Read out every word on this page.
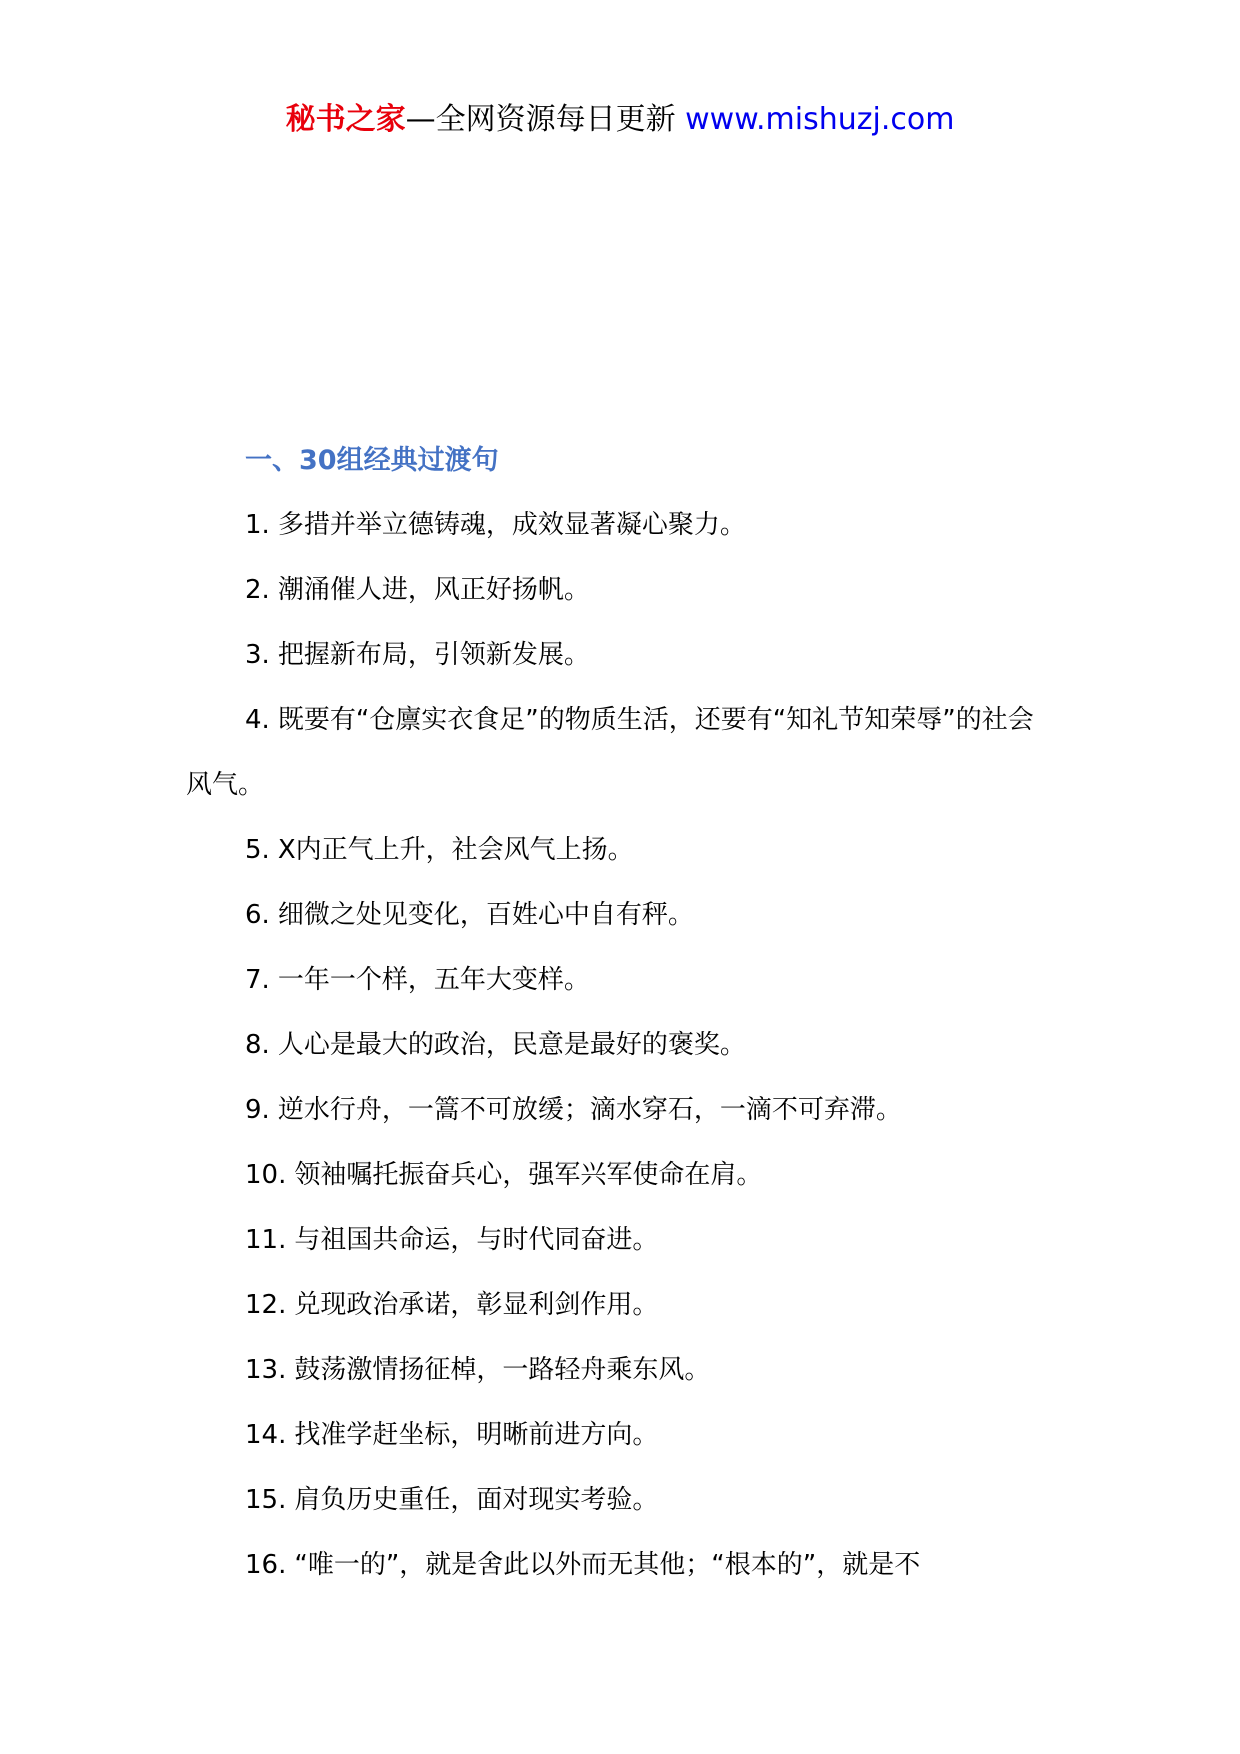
秘书之家—全网资源每日更新 www.mishuzj.com

一、30组经典过渡句

1. 多措并举立德铸魂，成效显著凝心聚力。

2. 潮涌催人进，风正好扬帆。

3. 把握新布局，引领新发展。

4. 既要有“仓廪实衣食足”的物质生活，还要有“知礼节知荣辱”的社会风气。

5. X内正气上升，社会风气上扬。

6. 细微之处见变化，百姓心中自有秤。

7. 一年一个样，五年大变样。

8. 人心是最大的政治，民意是最好的褒奖。

9. 逆水行舟，一篙不可放缓；滴水穿石，一滴不可弃滞。

10. 领袖嘱托振奋兵心，强军兴军使命在肩。

11. 与祖国共命运，与时代同奋进。

12. 兑现政治承诺，彰显利剑作用。

13. 鼓荡激情扬征棹，一路轻舟乘东风。

14. 找准学赶坐标，明晰前进方向。

15. 肩负历史重任，面对现实考验。

16. “唯一的”，就是舍此以外而无其他；“根本的”，就是不
